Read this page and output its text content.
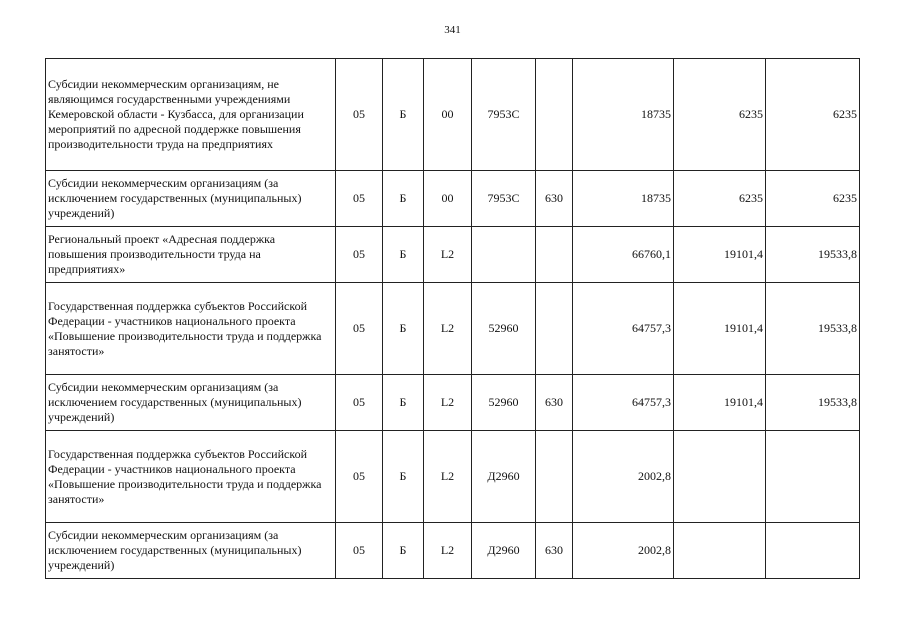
341
Субсидии некоммерческим организациям, не являющимся государственными учреждениями Кемеровской области - Кузбасса, для организации мероприятий по адресной поддержке повышения производительности труда на предприятиях	05	Б	00	7953С		18735	6235	6235
Субсидии некоммерческим организациям (за исключением государственных (муниципальных) учреждений)	05	Б	00	7953С	630	18735	6235	6235
Региональный проект «Адресная поддержка повышения производительности труда на предприятиях»	05	Б	L2			66760,1	19101,4	19533,8
Государственная поддержка субъектов Российской Федерации - участников национального проекта «Повышение производительности труда и поддержка занятости»	05	Б	L2	52960		64757,3	19101,4	19533,8
Субсидии некоммерческим организациям (за исключением государственных (муниципальных) учреждений)	05	Б	L2	52960	630	64757,3	19101,4	19533,8
Государственная поддержка субъектов Российской Федерации - участников национального проекта «Повышение производительности труда и поддержка занятости»	05	Б	L2	Д2960		2002,8		
Субсидии некоммерческим организациям (за исключением государственных (муниципальных) учреждений)	05	Б	L2	Д2960	630	2002,8		
